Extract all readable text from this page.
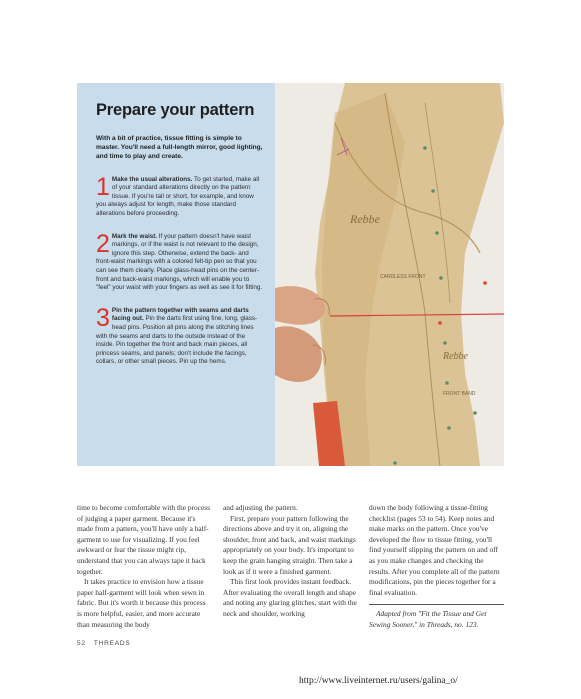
Prepare your pattern

With a bit of practice, tissue fitting is simple to master. You'll need a full-length mirror, good lighting, and time to play and create.

1 Make the usual alterations. To get started, make all of your standard alterations directly on the pattern tissue. If you're tall or short, for example, and know you always adjust for length, make those standard alterations before proceeding.
2 Mark the waist. If your pattern doesn't have waist markings, or if the waist is not relevant to the design, ignore this step. Otherwise, extend the back- and front-waist markings with a colored felt-tip pen so that you can see them clearly. Place glass-head pins on the center-front and back-waist markings, which will enable you to "feel" your waist with your fingers as well as see it for fitting.
3 Pin the pattern together with seams and darts facing out. Pin the darts first using fine, long, glass-head pins. Position all pins along the stitching lines with the seams and darts to the outside instead of the inside. Pin together the front and back main pieces, all princess seams, and panels; don't include the facings, collars, or other small pieces. Pin up the hems.
Rebbe
Rebbe
CARDLESS FRONT
FRONT BAND

time to become comfortable with the process of judging a paper garment. Because it's made from a pattern, you'll have only a half-garment to use for visualizing. If you feel awkward or fear the tissue might rip, understand that you can always tape it back together.

It takes practice to envision how a tissue paper half-garment will look when sewn in fabric. But it's worth it because this process is more helpful, easier, and more accurate than measuring the body

and adjusting the pattern.

First, prepare your pattern following the directions above and try it on, aligning the shoulder, front and back, and waist markings appropriately on your body. It's important to keep the grain hanging straight. Then take a look as if it were a finished garment.

This first look provides instant feedback. After evaluating the overall length and shape and noting any glaring glitches, start with the neck and shoulder, working

down the body following a tissue-fitting checklist (pages 53 to 54). Keep notes and make marks on the pattern. Once you've developed the flow to tissue fitting, you'll find yourself slipping the pattern on and off as you make changes and checking the results. After you complete all of the pattern modifications, pin the pieces together for a final evaluation.

Adapted from "Fit the Tissue and Get Sewing Sooner," in Threads, no. 123.

52 THREADS
http://www.liveinternet.ru/users/galina_o/
